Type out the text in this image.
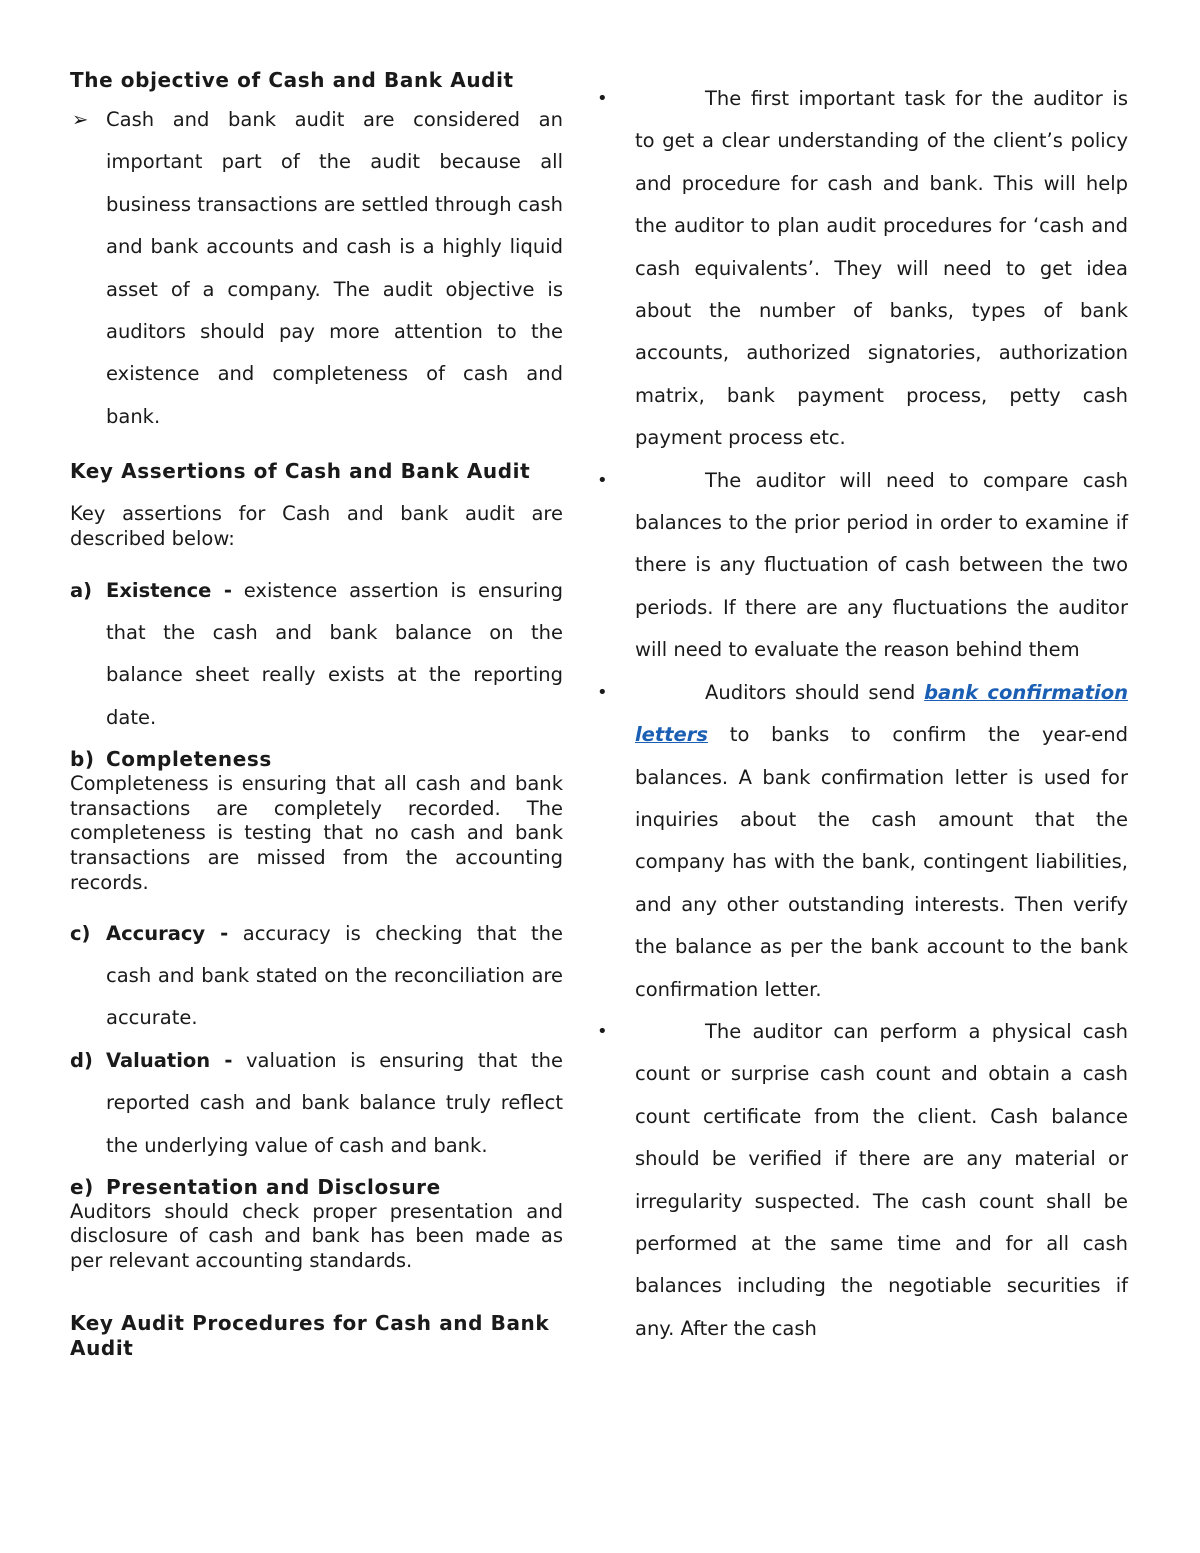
The objective of Cash and Bank Audit
➢ Cash and bank audit are considered an important part of the audit because all business transactions are settled through cash and bank accounts and cash is a highly liquid asset of a company. The audit objective is auditors should pay more attention to the existence and completeness of cash and bank.
Key Assertions of Cash and Bank Audit
Key assertions for Cash and bank audit are described below:
a) Existence - existence assertion is ensuring that the cash and bank balance on the balance sheet really exists at the reporting date.
b) Completeness
Completeness is ensuring that all cash and bank transactions are completely recorded. The completeness is testing that no cash and bank transactions are missed from the accounting records.
c) Accuracy - accuracy is checking that the cash and bank stated on the reconciliation are accurate.
d) Valuation - valuation is ensuring that the reported cash and bank balance truly reflect the underlying value of cash and bank.
e) Presentation and Disclosure
Auditors should check proper presentation and disclosure of cash and bank has been made as per relevant accounting standards.
Key Audit Procedures for Cash and Bank Audit
•	The first important task for the auditor is to get a clear understanding of the client’s policy and procedure for cash and bank. This will help the auditor to plan audit procedures for ‘cash and cash equivalents’. They will need to get idea about the number of banks, types of bank accounts, authorized signatories, authorization matrix, bank payment process, petty cash payment process etc.
•	The auditor will need to compare cash balances to the prior period in order to examine if there is any fluctuation of cash between the two periods. If there are any fluctuations the auditor will need to evaluate the reason behind them
•	Auditors should send bank confirmation letters to banks to confirm the year-end balances. A bank confirmation letter is used for inquiries about the cash amount that the company has with the bank, contingent liabilities, and any other outstanding interests. Then verify the balance as per the bank account to the bank confirmation letter.
•	The auditor can perform a physical cash count or surprise cash count and obtain a cash count certificate from the client. Cash balance should be verified if there are any material or irregularity suspected. The cash count shall be performed at the same time and for all cash balances including the negotiable securities if any. After the cash
